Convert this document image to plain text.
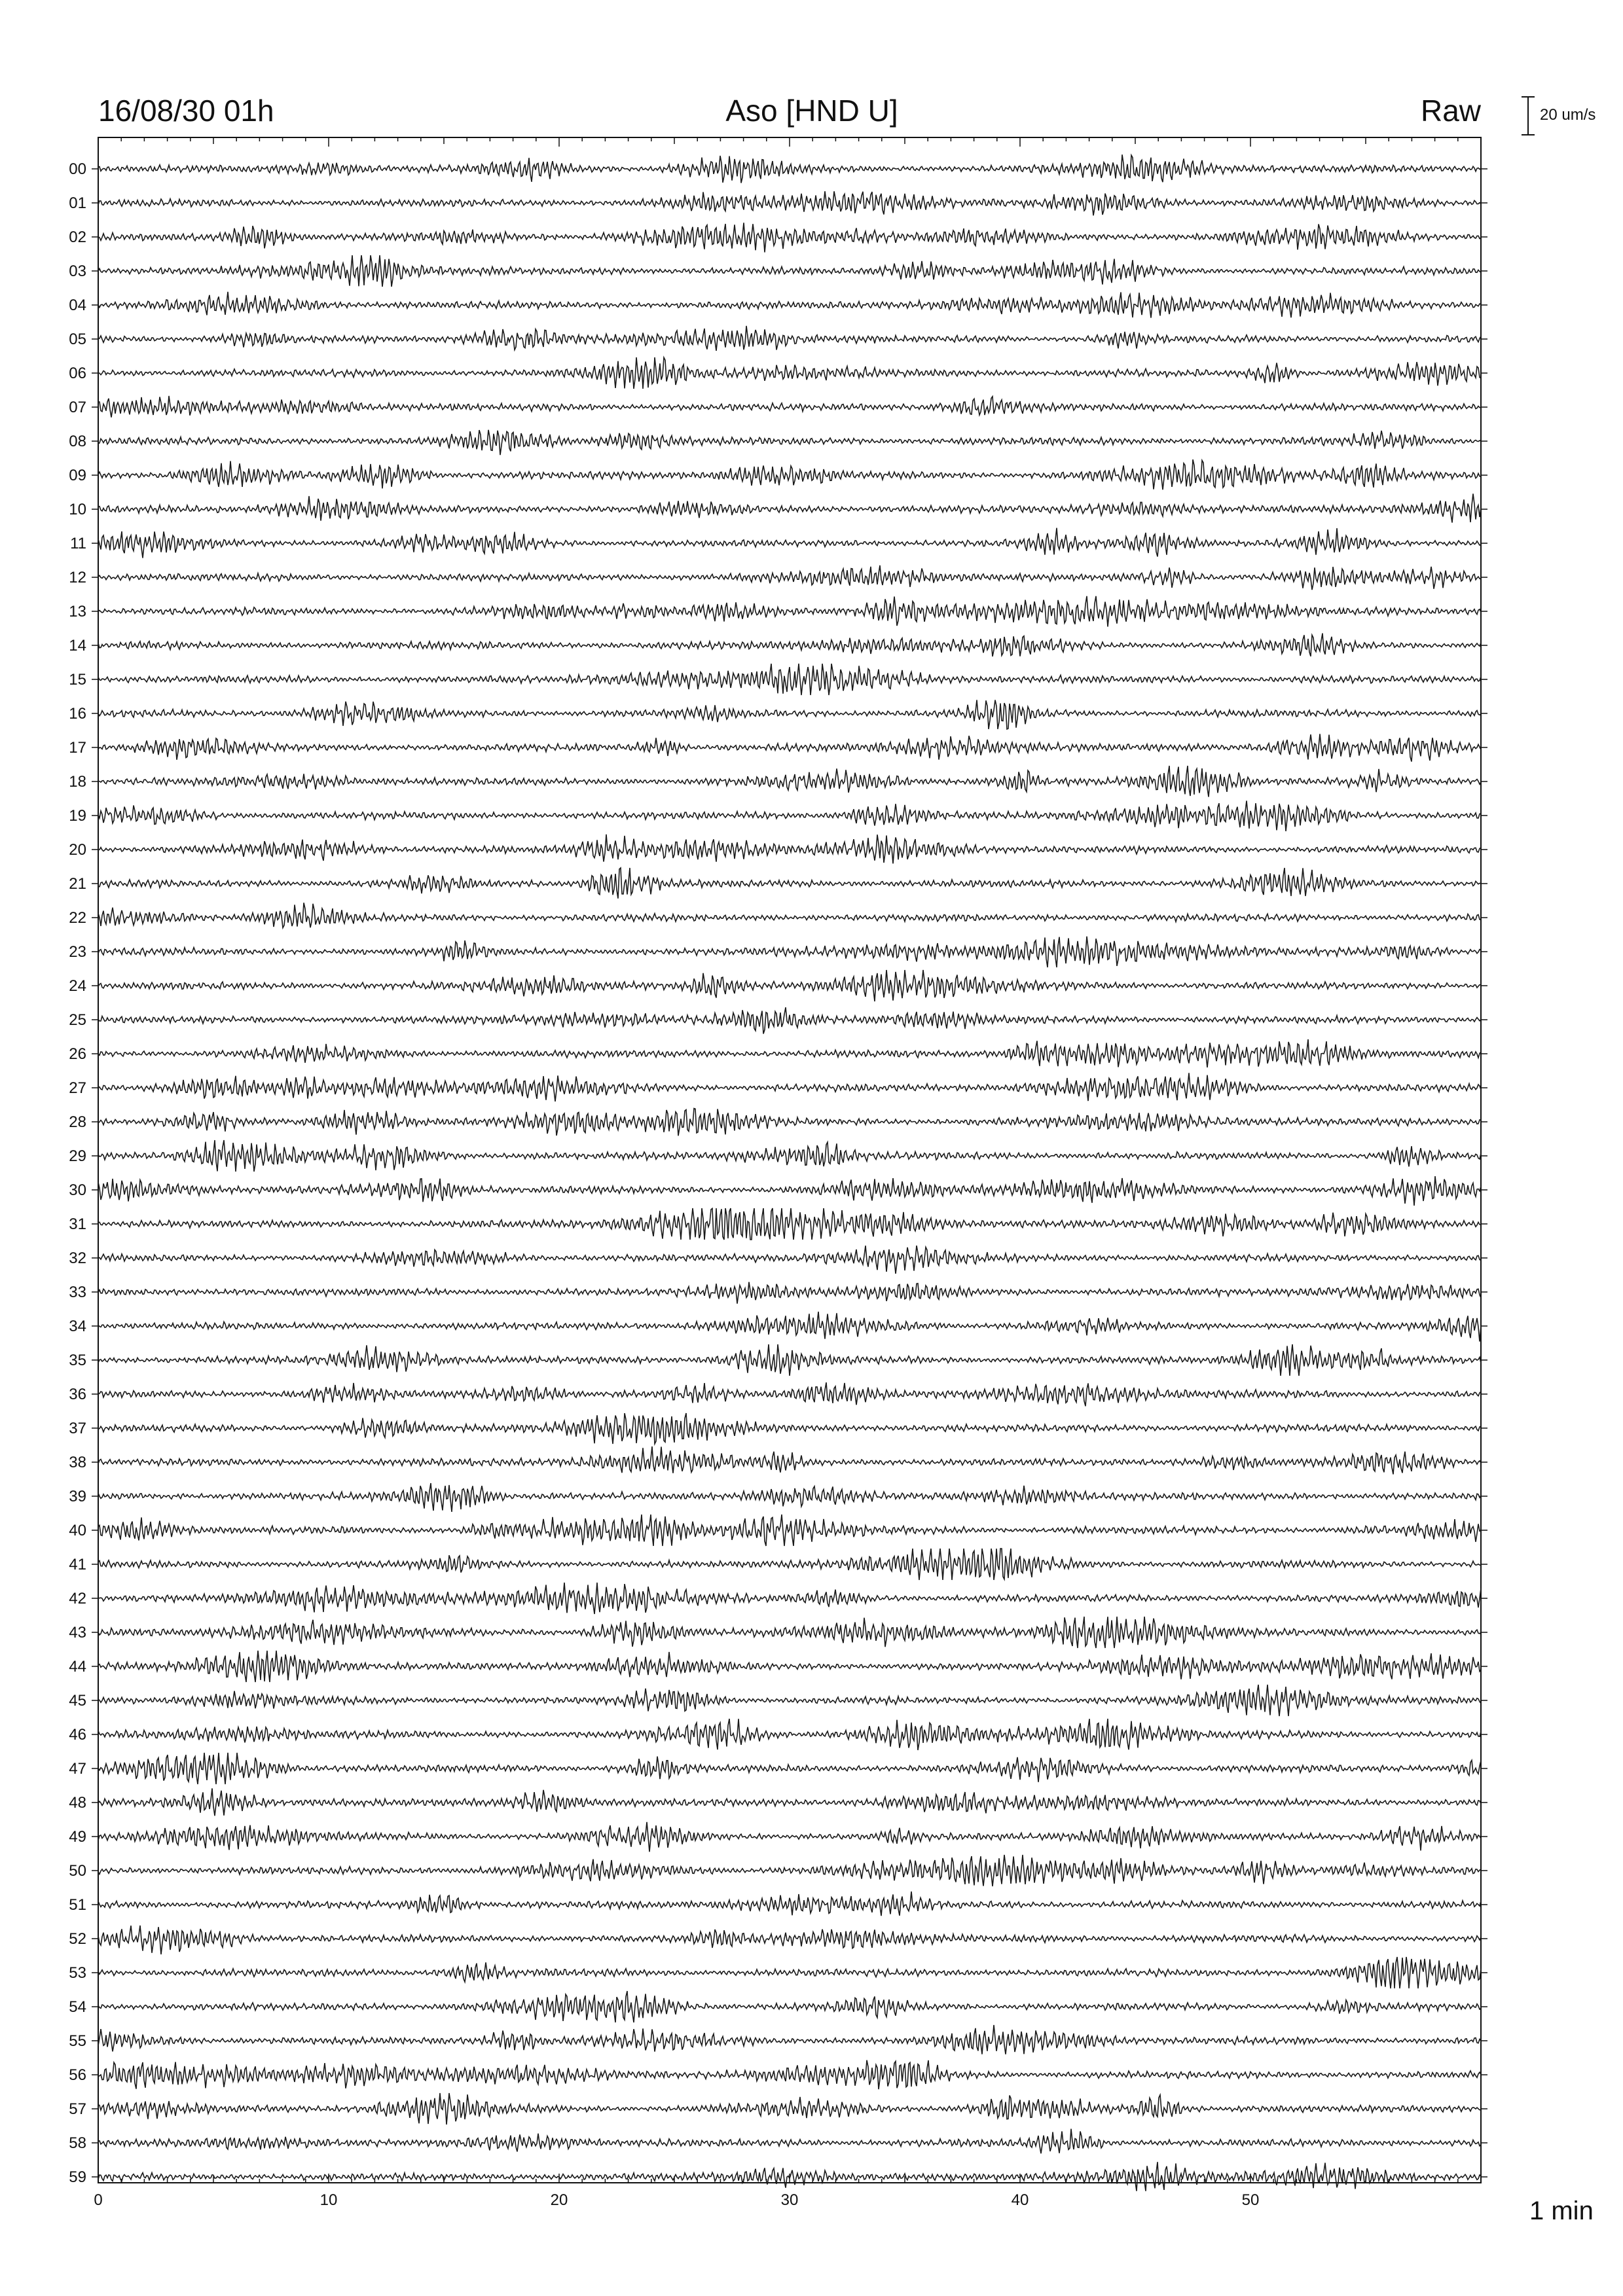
0	10	20	30	40	50
00
01
02
03
04
05
06
07
08
09
10
11
12
13
14
15
16
17
18
19
20
21
22
23
24
25
26
27
28
29
30
31
32
33
34
35
36
37
38
39
40
41
42
43
44
45
46
47
48
49
50
51
52
53
54
55
56
57
58
59
16/08/30 01h	Aso [HND U]	Raw	20 um/s
1 min
